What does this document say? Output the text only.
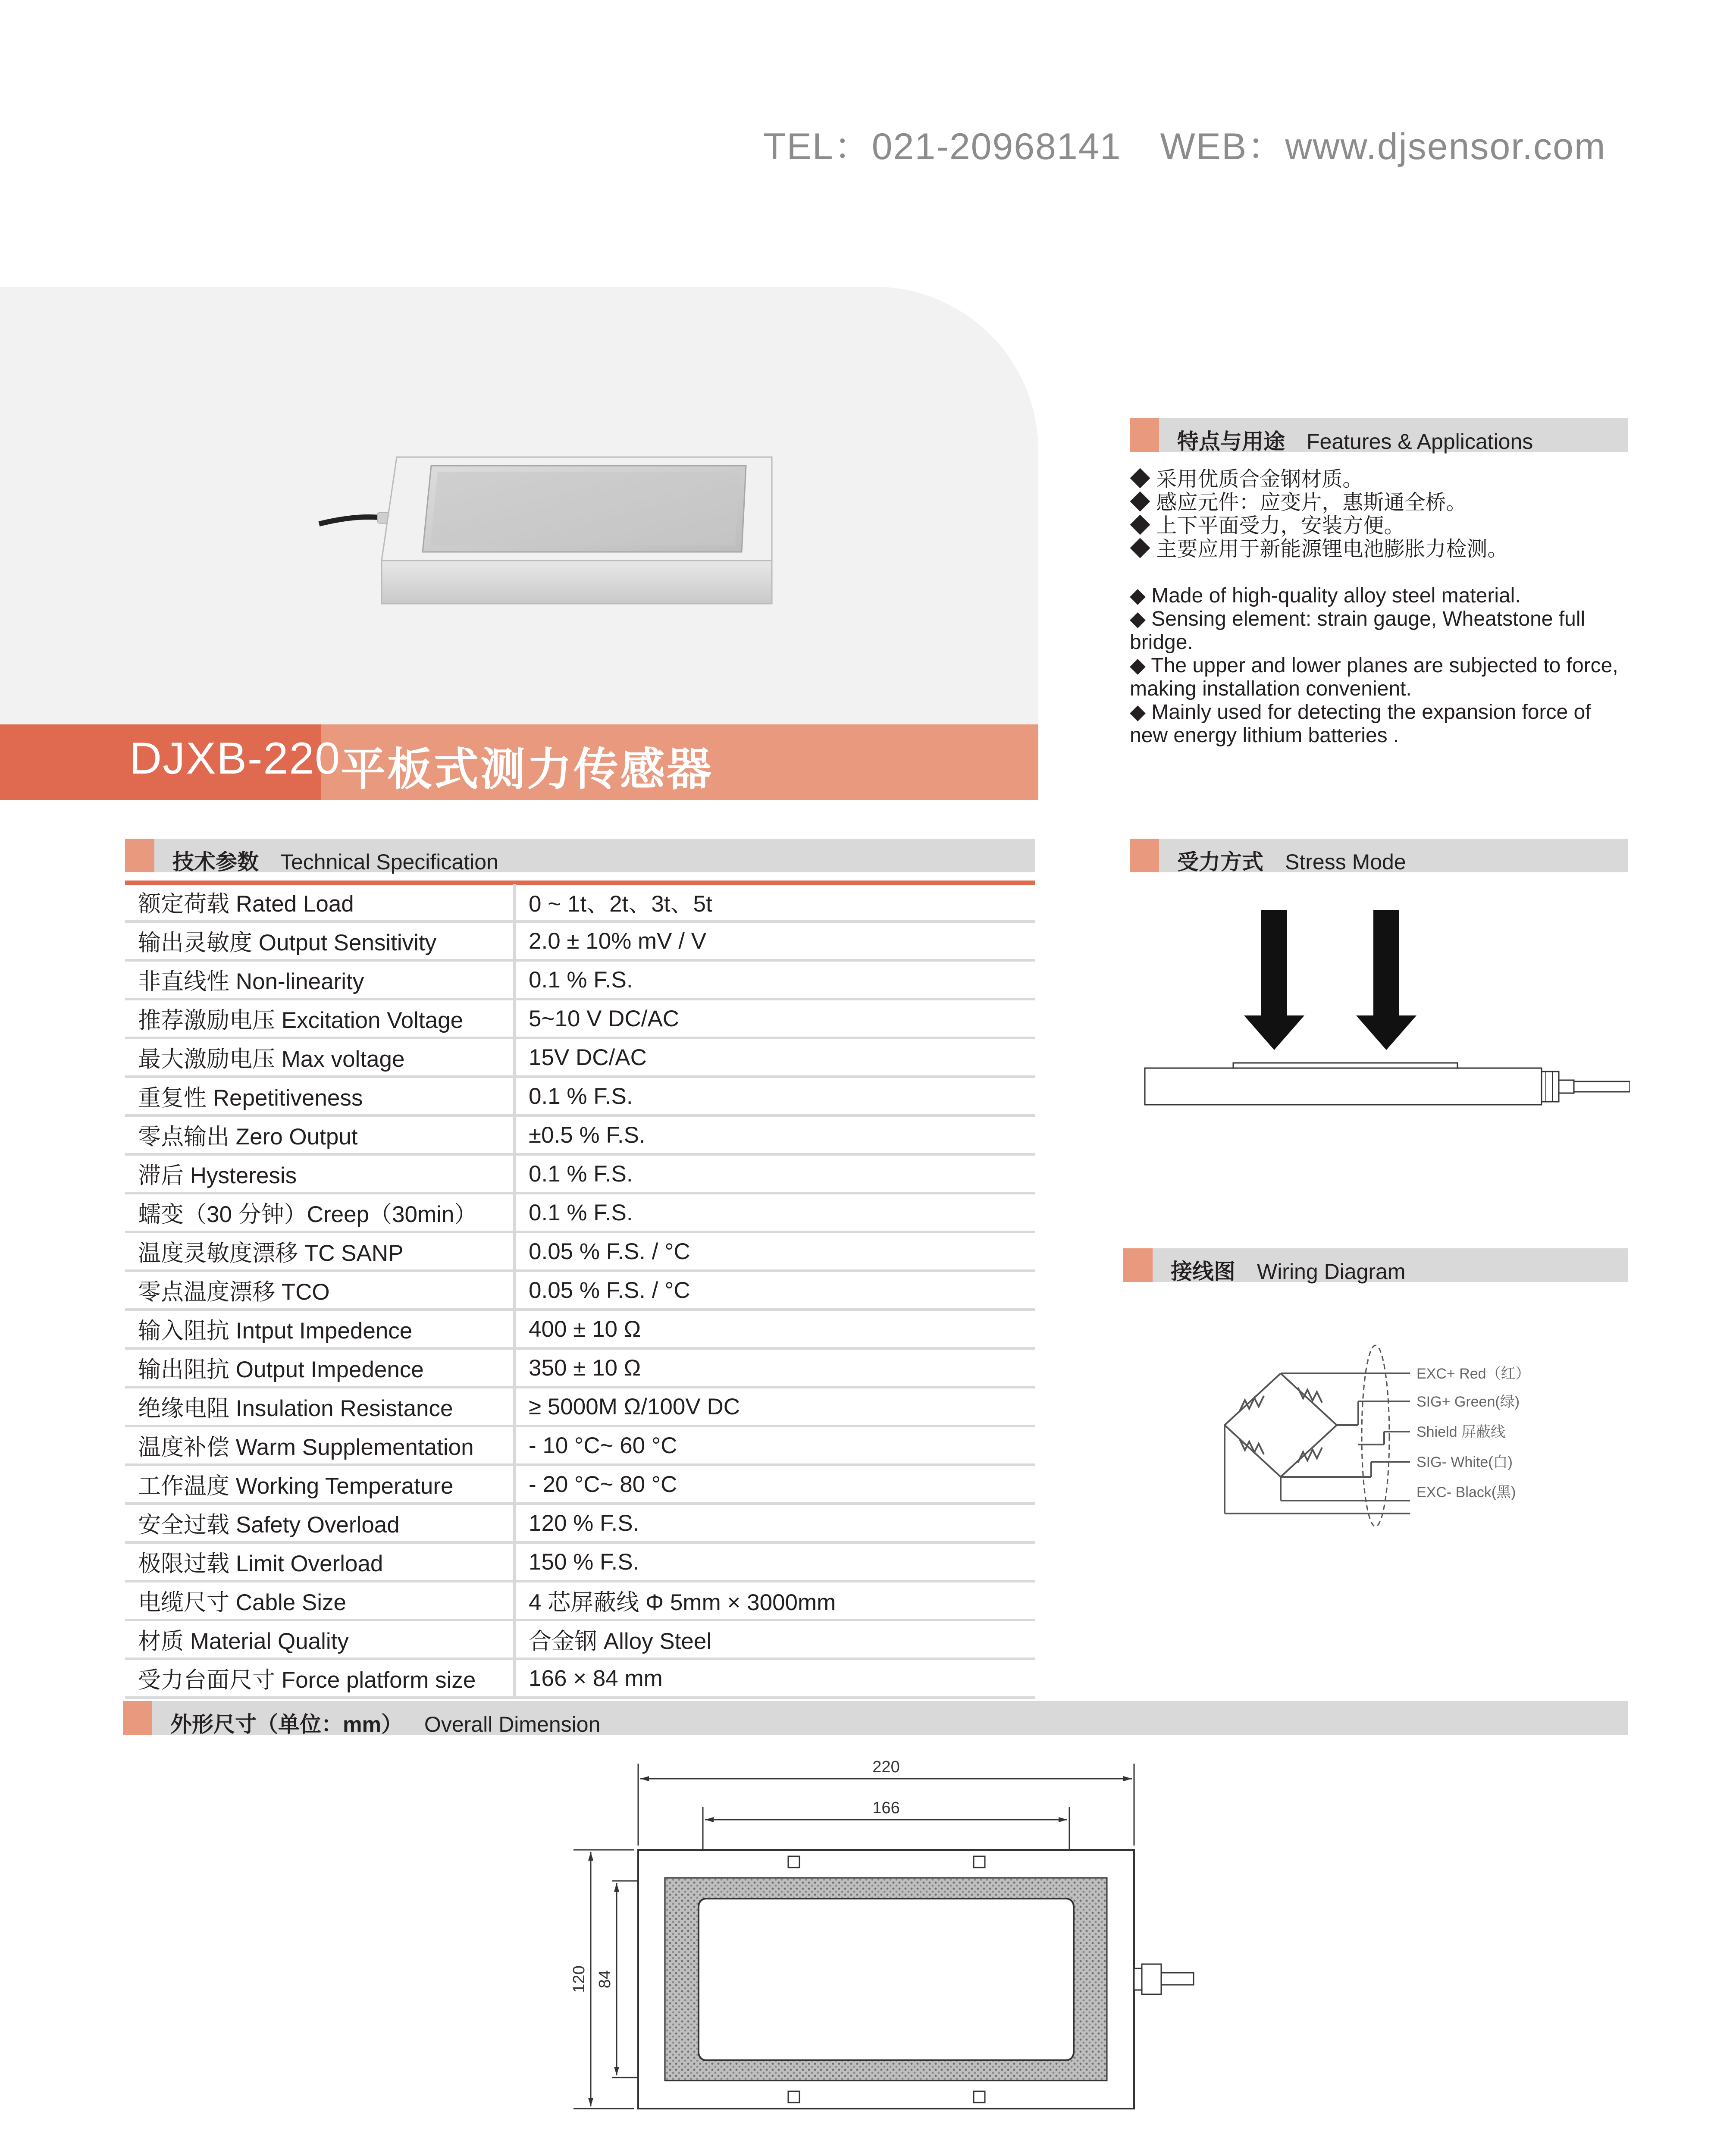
TEL：021-20968141 WEB：www.djsensor.com
DJXB-220 平板式测力传感器
特点与用途 Features & Applications
◆ 采用优质合金钢材质。
◆ 感应元件：应变片，惠斯通全桥。
◆ 上下平面受力，安装方便。
◆ 主要应用于新能源锂电池膨胀力检测。
◆ Made of high-quality alloy steel material.
◆ Sensing element: strain gauge, Wheatstone full bridge.
◆ The upper and lower planes are subjected to force, making installation convenient.
◆ Mainly used for detecting the expansion force of new energy lithium batteries .
技术参数 Technical Specification
额定荷载 Rated Load	0 ~ 1t、2t、3t、5t
输出灵敏度 Output Sensitivity	2.0 ± 10% mV / V
非直线性 Non-linearity	0.1 % F.S.
推荐激励电压 Excitation Voltage	5~10 V DC/AC
最大激励电压 Max voltage	15V DC/AC
重复性 Repetitiveness	0.1 % F.S.
零点输出 Zero Output	±0.5 % F.S.
滞后 Hysteresis	0.1 % F.S.
蠕变（30 分钟）Creep（30min）	0.1 % F.S.
温度灵敏度漂移 TC SANP	0.05 % F.S. / °C
零点温度漂移 TCO	0.05 % F.S. / °C
输入阻抗 Intput Impedence	400 ± 10 Ω
输出阻抗 Output Impedence	350 ± 10 Ω
绝缘电阻 Insulation Resistance	≥ 5000M Ω/100V DC
温度补偿 Warm Supplementation	- 10 °C~ 60 °C
工作温度 Working Temperature	- 20 °C~ 80 °C
安全过载 Safety Overload	120 % F.S.
极限过载 Limit Overload	150 % F.S.
电缆尺寸 Cable Size	4 芯屏蔽线 Φ 5mm × 3000mm
材质 Material Quality	合金钢 Alloy Steel
受力台面尺寸 Force platform size	166 × 84 mm
受力方式 Stress Mode
接线图 Wiring Diagram
EXC+ Red（红）
SIG+ Green(绿)
Shield 屏蔽线
SIG- White(白)
EXC- Black(黑)
外形尺寸（单位：mm） Overall Dimension
220
166
120 84
